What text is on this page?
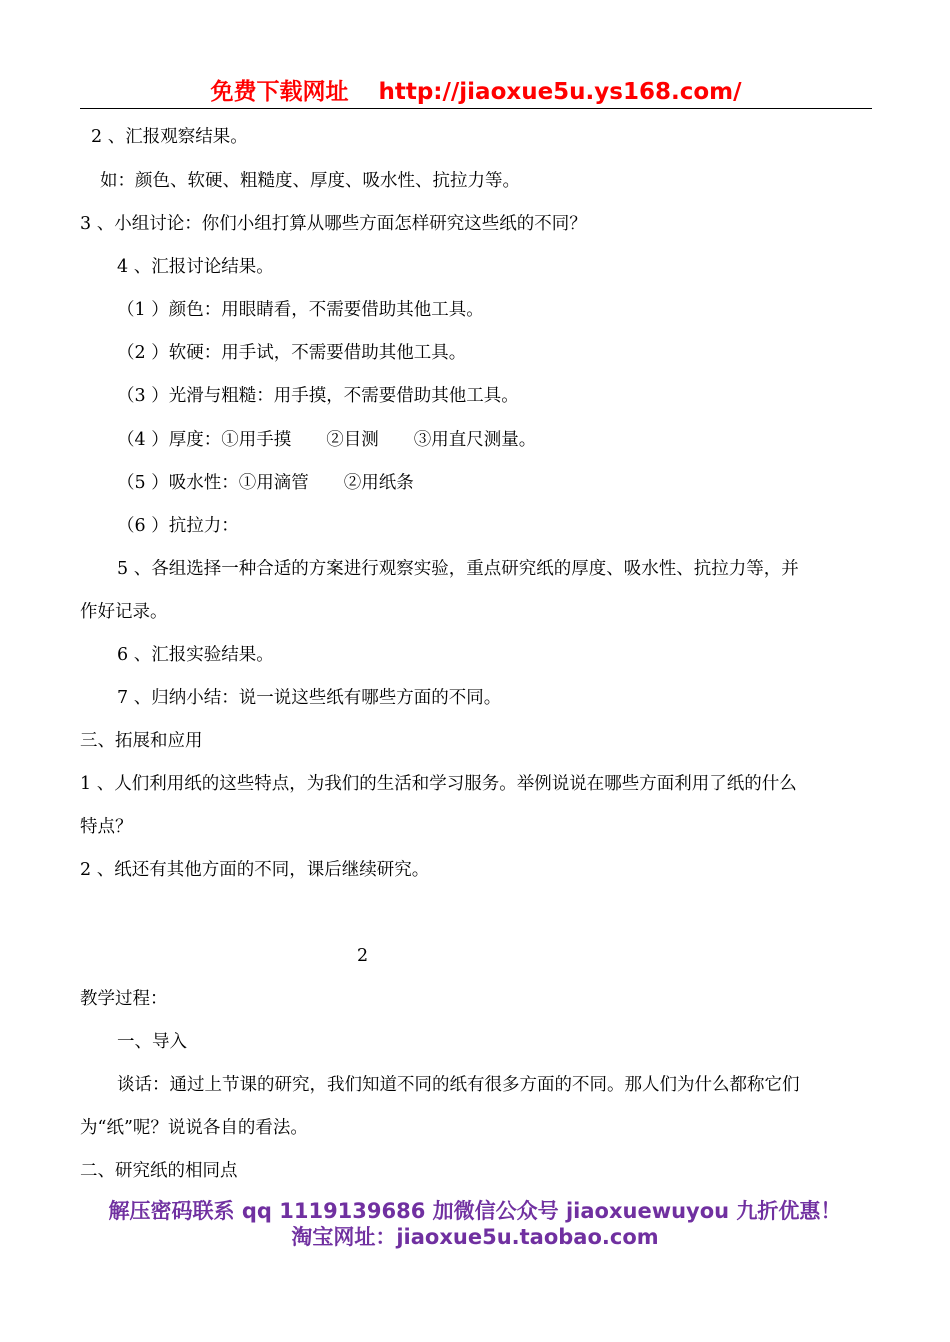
免费下载网址 http://jiaoxue5u.ys168.com/
2 、汇报观察结果。
如：颜色、软硬、粗糙度、厚度、吸水性、抗拉力等。
3 、小组讨论：你们小组打算从哪些方面怎样研究这些纸的不同？
4 、汇报讨论结果。
（1 ）颜色：用眼睛看，不需要借助其他工具。
（2 ）软硬：用手试，不需要借助其他工具。
（3 ）光滑与粗糙：用手摸，不需要借助其他工具。
（4 ）厚度：①用手摸　　②目测　　③用直尺测量。
（5 ）吸水性：①用滴管　　②用纸条
（6 ）抗拉力：
5 、各组选择一种合适的方案进行观察实验，重点研究纸的厚度、吸水性、抗拉力等，并
作好记录。
6 、汇报实验结果。
7 、归纳小结：说一说这些纸有哪些方面的不同。
三、拓展和应用
1 、人们利用纸的这些特点，为我们的生活和学习服务。举例说说在哪些方面利用了纸的什么
特点？
2 、纸还有其他方面的不同，课后继续研究。
2
教学过程：
一、导入
谈话：通过上节课的研究，我们知道不同的纸有很多方面的不同。那人们为什么都称它们
为“纸”呢？说说各自的看法。
二、研究纸的相同点
解压密码联系 qq 1119139686 加微信公众号 jiaoxuewuyou 九折优惠！
淘宝网址：jiaoxue5u.taobao.com
